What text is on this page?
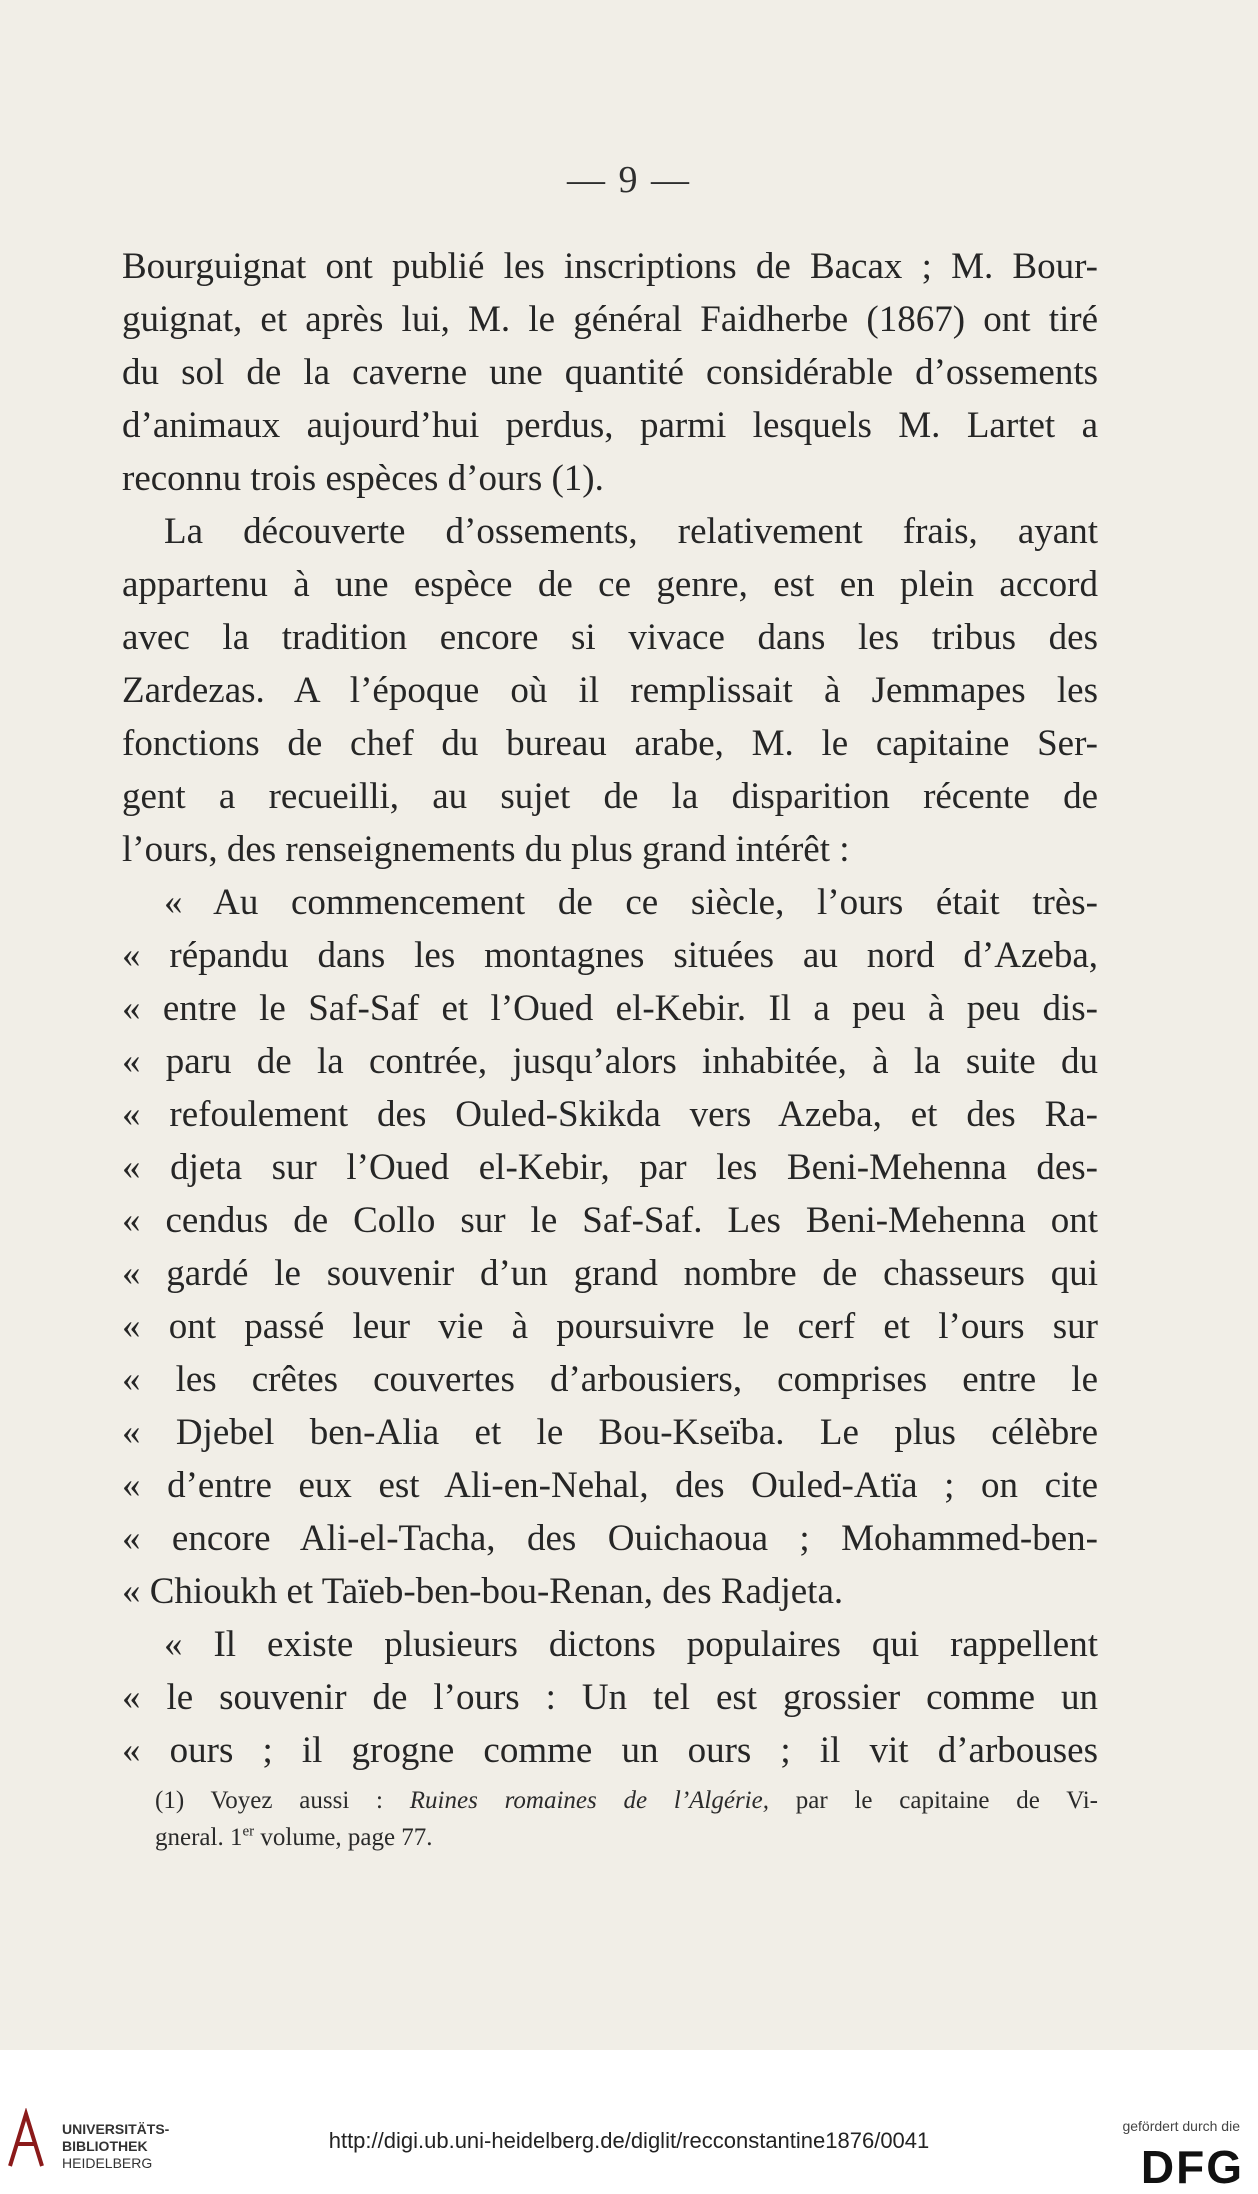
— 9 —
Bourguignat ont publié les inscriptions de Bacax ; M. Bour-
guignat, et après lui, M. le général Faidherbe (1867) ont tiré
du sol de la caverne une quantité considérable d’ossements
d’animaux aujourd’hui perdus, parmi lesquels M. Lartet a
reconnu trois espèces d’ours (1).
La découverte d’ossements, relativement frais, ayant
appartenu à une espèce de ce genre, est en plein accord
avec la tradition encore si vivace dans les tribus des
Zardezas. A l’époque où il remplissait à Jemmapes les
fonctions de chef du bureau arabe, M. le capitaine Ser-
gent a recueilli, au sujet de la disparition récente de
l’ours, des renseignements du plus grand intérêt :
« Au commencement de ce siècle, l’ours était très-
« répandu dans les montagnes situées au nord d’Azeba,
« entre le Saf-Saf et l’Oued el-Kebir. Il a peu à peu dis-
« paru de la contrée, jusqu’alors inhabitée, à la suite du
« refoulement des Ouled-Skikda vers Azeba, et des Ra-
« djeta sur l’Oued el-Kebir, par les Beni-Mehenna des-
« cendus de Collo sur le Saf-Saf. Les Beni-Mehenna ont
« gardé le souvenir d’un grand nombre de chasseurs qui
« ont passé leur vie à poursuivre le cerf et l’ours sur
« les crêtes couvertes d’arbousiers, comprises entre le
« Djebel ben-Alia et le Bou-Kseïba. Le plus célèbre
« d’entre eux est Ali-en-Nehal, des Ouled-Atïa ; on cite
« encore Ali-el-Tacha, des Ouichaoua ; Mohammed-ben-
« Chioukh et Taïeb-ben-bou-Renan, des Radjeta.
« Il existe plusieurs dictons populaires qui rappellent
« le souvenir de l’ours : Un tel est grossier comme un
« ours ; il grogne comme un ours ; il vit d’arbouses
(1) Voyez aussi : Ruines romaines de l’Algérie, par le capitaine de Vi-
gneral. 1er volume, page 77.
UNIVERSITÄTS-
BIBLIOTHEK
HEIDELBERG
http://digi.ub.uni-heidelberg.de/diglit/recconstantine1876/0041
gefördert durch die
DFG
